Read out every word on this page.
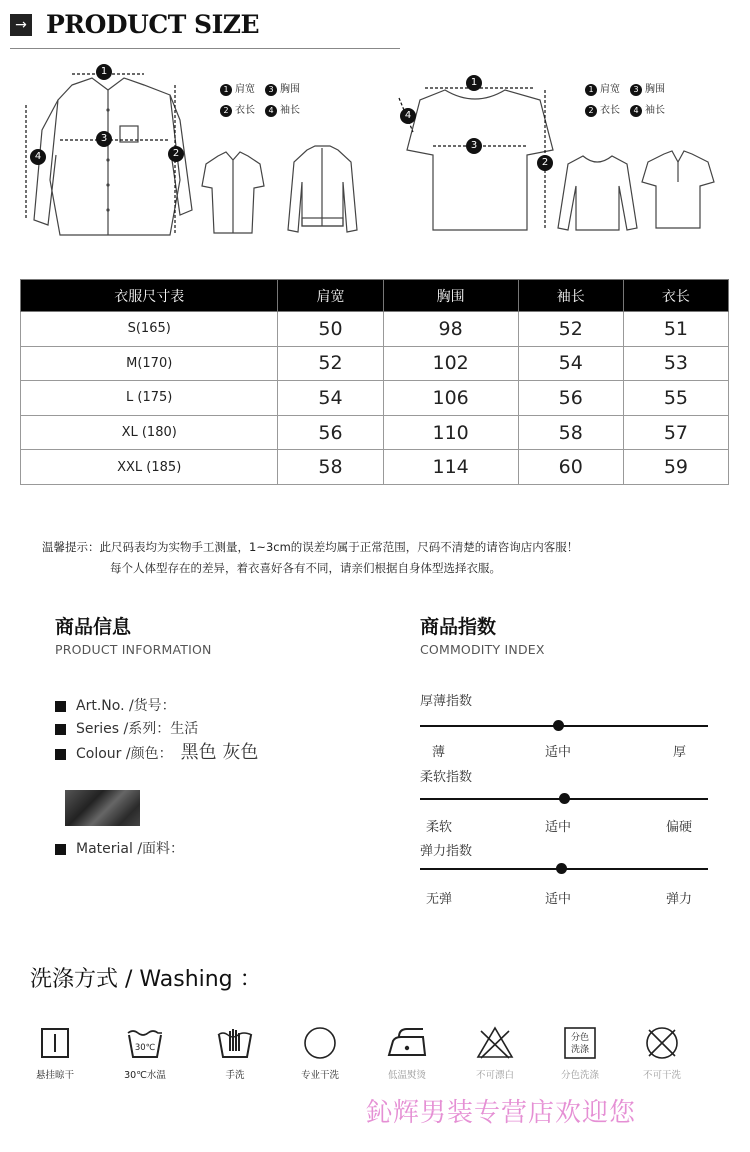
→ PRODUCT SIZE
1
3
2
4
1 肩宽 3 胸围
2 衣长 4 袖长
1
3
2
4
1 肩宽 3 胸围
2 衣长 4 袖长
衣服尺寸表	肩宽	胸围	袖长	衣长
S(165)	50	98	52	51
M(170)	52	102	54	53
L (175)	54	106	56	55
XL (180)	56	110	58	57
XXL (185)	58	114	60	59
温馨提示：此尺码表均为实物手工测量，1~3cm的误差均属于正常范围，尺码不清楚的请咨询店内客服！
每个人体型存在的差异，着衣喜好各有不同，请亲们根据自身体型选择衣服。
商品信息
PRODUCT INFORMATION
Art.No. /货号：
Series /系列：生活
Colour /颜色： 黑色 灰色
Material /面料：
商品指数
COMMODITY INDEX
厚薄指数
薄	适中	厚
柔软指数
柔软	适中	偏硬
弹力指数
无弹	适中	弹力
洗涤方式 / Washing ：
悬挂晾干
30℃
30℃水温	手洗	专业干洗	低温熨烫	不可漂白
分色
洗涤
分色洗涤	不可干洗
鈊辉男装专营店欢迎您
